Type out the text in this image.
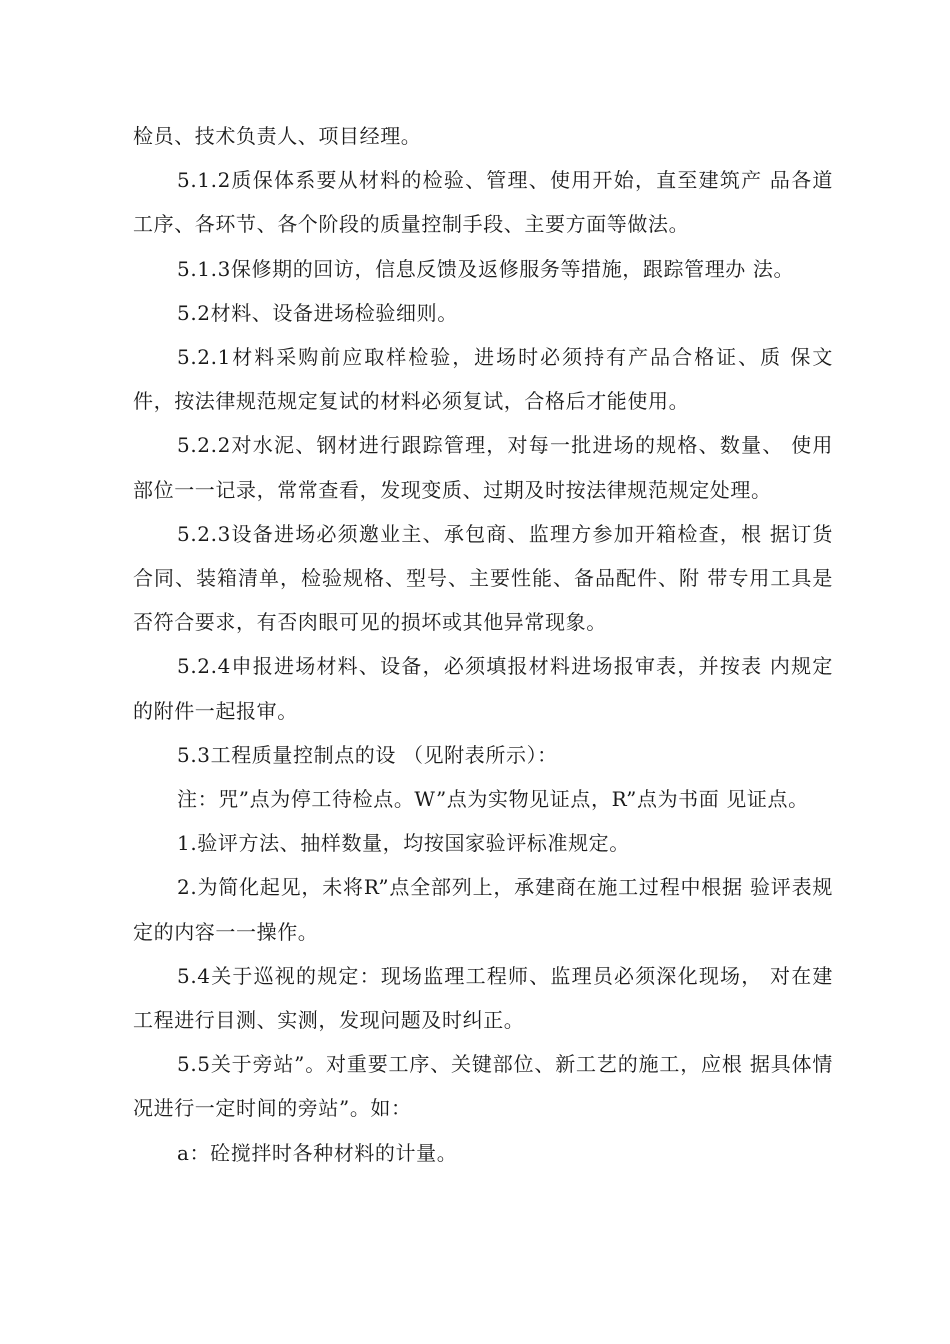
检员、技术负责人、项目经理。

5.1.2质保体系要从材料的检验、管理、使用开始，直至建筑产 品各道工序、各环节、各个阶段的质量控制手段、主要方面等做法。

5.1.3保修期的回访，信息反馈及返修服务等措施，跟踪管理办 法。

5.2材料、设备进场检验细则。

5.2.1材料采购前应取样检验，进场时必须持有产品合格证、质 保文件，按法律规范规定复试的材料必须复试，合格后才能使用。

5.2.2对水泥、钢材进行跟踪管理，对每一批进场的规格、数量、 使用部位一一记录，常常查看，发现变质、过期及时按法律规范规定处理。

5.2.3设备进场必须邀业主、承包商、监理方参加开箱检查，根 据订货合同、装箱清单，检验规格、型号、主要性能、备品配件、附 带专用工具是否符合要求，有否肉眼可见的损坏或其他异常现象。

5.2.4申报进场材料、设备，必须填报材料进场报审表，并按表 内规定的附件一起报审。

5.3工程质量控制点的设 （见附表所示）：

注：咒”点为停工待检点。W”点为实物见证点，R”点为书面 见证点。

1.验评方法、抽样数量，均按国家验评标准规定。

2.为简化起见，未将R”点全部列上，承建商在施工过程中根据 验评表规定的内容一一操作。

5.4关于巡视的规定：现场监理工程师、监理员必须深化现场， 对在建工程进行目测、实测，发现问题及时纠正。

5.5关于旁站”。对重要工序、关键部位、新工艺的施工，应根 据具体情况进行一定时间的旁站”。如：

a：砼搅拌时各种材料的计量。
